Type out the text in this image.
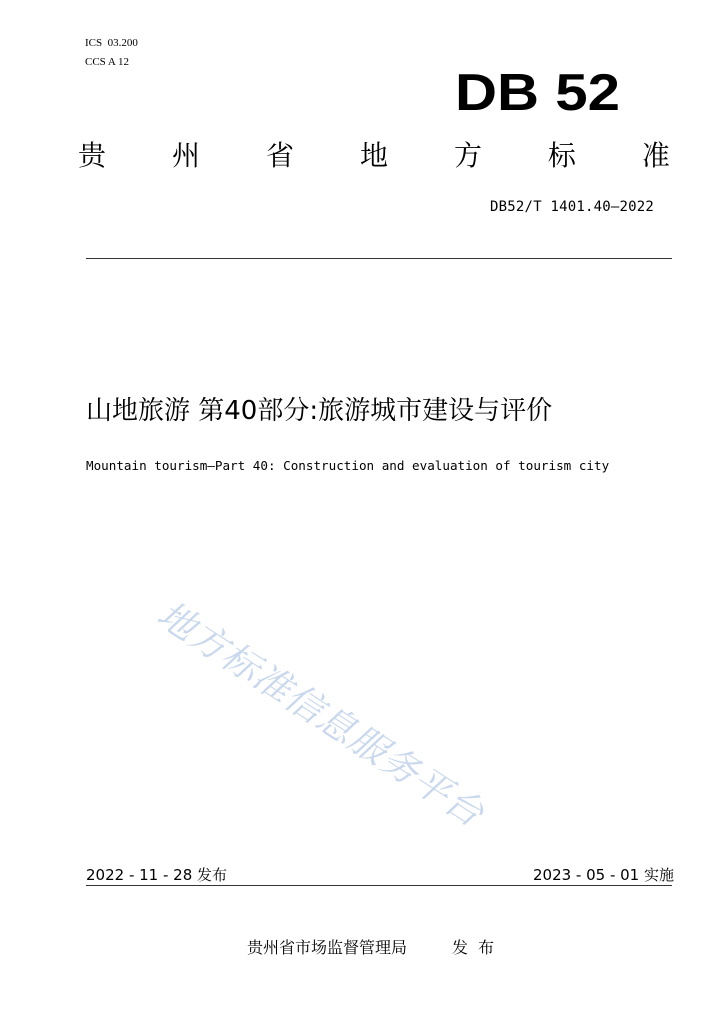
ICS  03.200
CCS A 12
DB 52
贵 州 省 地 方 标 准
DB52/T 1401.40—2022
山地旅游 第40部分:旅游城市建设与评价
Mountain tourism—Part 40: Construction and evaluation of tourism city
地方标准信息服务平台
2022 - 11 - 28 发布	2023 - 05 - 01 实施
贵州省市场监督管理局	发布
